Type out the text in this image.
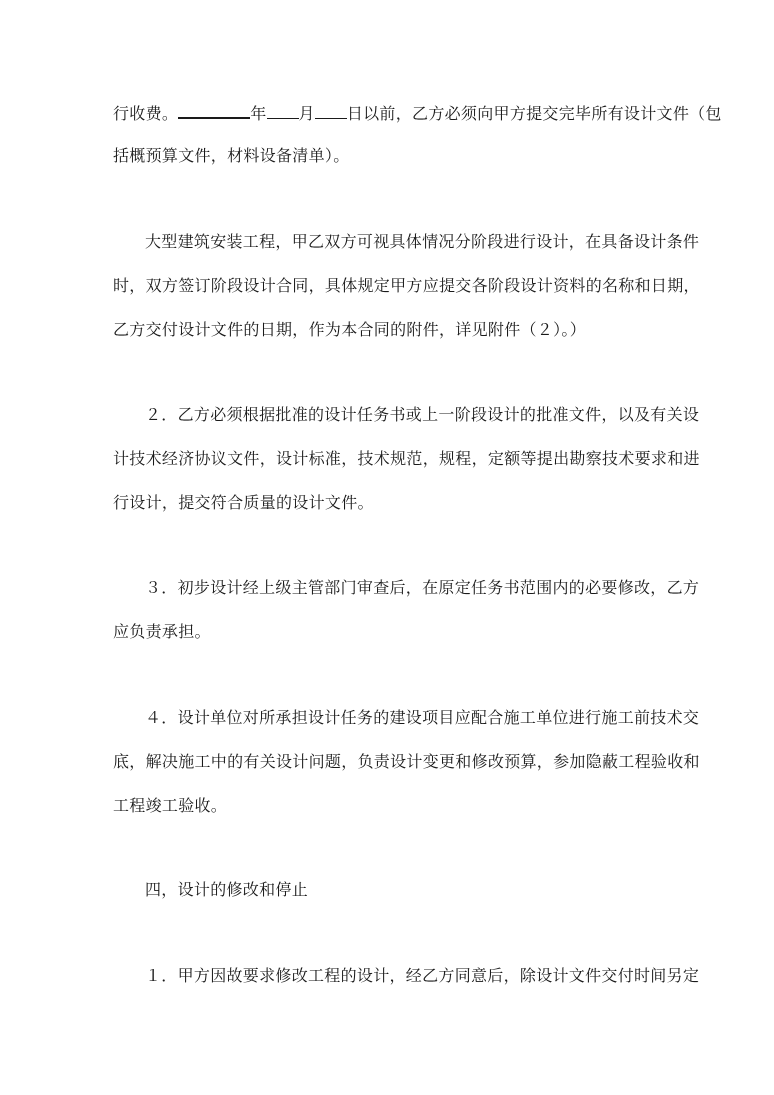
行收费。	年 月 日以前，乙方必须向甲方提交完毕所有设计文件（包
括概预算文件，材料设备清单）。
大型建筑安装工程，甲乙双方可视具体情况分阶段进行设计，在具备设计条件
时，双方签订阶段设计合同，具体规定甲方应提交各阶段设计资料的名称和日期，
乙方交付设计文件的日期，作为本合同的附件，详见附件（２）。）
２．乙方必须根据批准的设计任务书或上一阶段设计的批准文件，以及有关设
计技术经济协议文件，设计标准，技术规范，规程，定额等提出勘察技术要求和进
行设计，提交符合质量的设计文件。
３．初步设计经上级主管部门审查后，在原定任务书范围内的必要修改，乙方
应负责承担。
４．设计单位对所承担设计任务的建设项目应配合施工单位进行施工前技术交
底，解决施工中的有关设计问题，负责设计变更和修改预算，参加隐蔽工程验收和
工程竣工验收。
四，设计的修改和停止
１．甲方因故要求修改工程的设计，经乙方同意后，除设计文件交付时间另定
